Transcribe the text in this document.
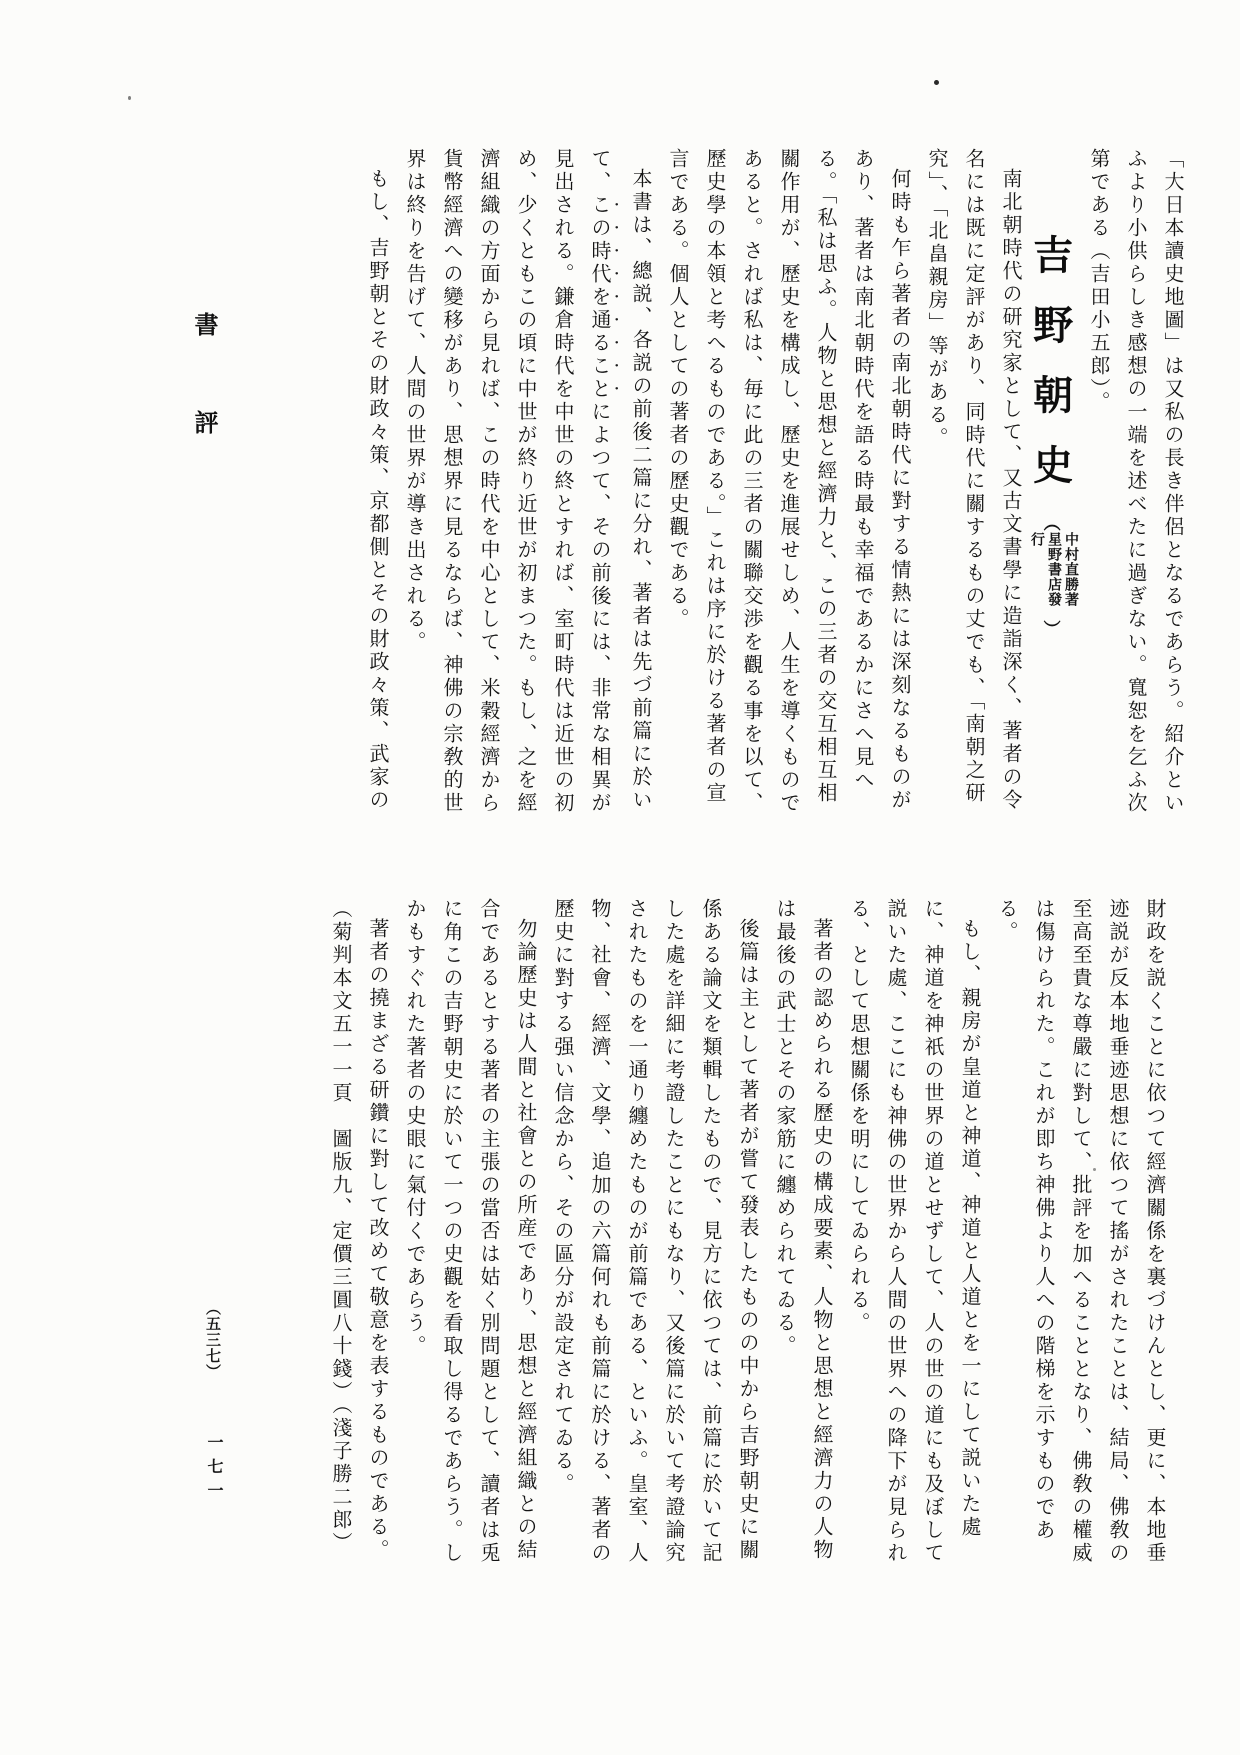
書評
（五三七）
一七一

「大日本讀史地圖」は又私の長き伴侶となるであらう。紹介といふより小供らしき感想の一端を述べたに過ぎない。寬恕を乞ふ次第である（吉田小五郎）。

吉野朝史（中村直勝著
星野書店發行）

南北朝時代の研究家として、又古文書學に造詣深く、著者の令名には既に定評があり、同時代に關するもの丈でも、「南朝之研究」、「北畠親房」等がある。

何時も乍ら著者の南北朝時代に對する情熱には深刻なるものがあり、著者は南北朝時代を語る時最も幸福であるかにさへ見へる。「私は思ふ。人物と思想と經濟力と、この三者の交互相互相關作用が、歷史を構成し、歷史を進展せしめ、人生を導くものであると。されば私は、毎に此の三者の關聯交渉を觀る事を以て、歷史學の本領と考へるものである。」これは序に於ける著者の宣言である。個人としての著者の歷史觀である。

本書は、總説、各説の前後二篇に分れ、著者は先づ前篇に於いて、この時代を通ることによつて、その前後には、非常な相異が見出される。鎌倉時代を中世の終とすれば、室町時代は近世の初め、少くともこの頃に中世が終り近世が初まつた。もし、之を經濟組織の方面から見れば、この時代を中心として、米穀經濟から貨幣經濟への變移があり、思想界に見るならば、神佛の宗敎的世界は終りを告げて、人間の世界が導き出される。

もし、吉野朝とその財政々策、京都側とその財政々策、武家の

財政を説くことに依つて經濟關係を裏づけんとし、更に、本地垂迹説が反本地垂迹思想に依つて搖がされたことは、結局、佛敎の至高至貴な尊嚴に對して、批評を加へることとなり、佛敎の權威は傷けられた。これが即ち神佛より人への階梯を示すものである。

もし、親房が皇道と神道、神道と人道とを一にして説いた處に、神道を神祇の世界の道とせずして、人の世の道にも及ぼして説いた處、ここにも神佛の世界から人間の世界への降下が見られる、として思想關係を明にしてゐられる。

著者の認められる歷史の構成要素、人物と思想と經濟力の人物は最後の武士とその家筋に纏められてゐる。

後篇は主として著者が嘗て發表したものの中から吉野朝史に關係ある論文を類輯したもので、見方に依つては、前篇に於いて記した處を詳細に考證したことにもなり、又後篇に於いて考證論究されたものを一通り纏めたものが前篇である、といふ。皇室、人物、社會、經濟、文學、追加の六篇何れも前篇に於ける、著者の歷史に對する强い信念から、その區分が設定されてゐる。

勿論歷史は人間と社會との所産であり、思想と經濟組織との結合であるとする著者の主張の當否は姑く別問題として、讀者は兎に角この吉野朝史に於いて一つの史觀を看取し得るであらう。しかもすぐれた著者の史眼に氣付くであらう。

著者の撓まざる研鑽に對して改めて敬意を表するものである。

（菊判本文五一一頁　圖版九、定價三圓八十錢）（淺子勝二郎）
